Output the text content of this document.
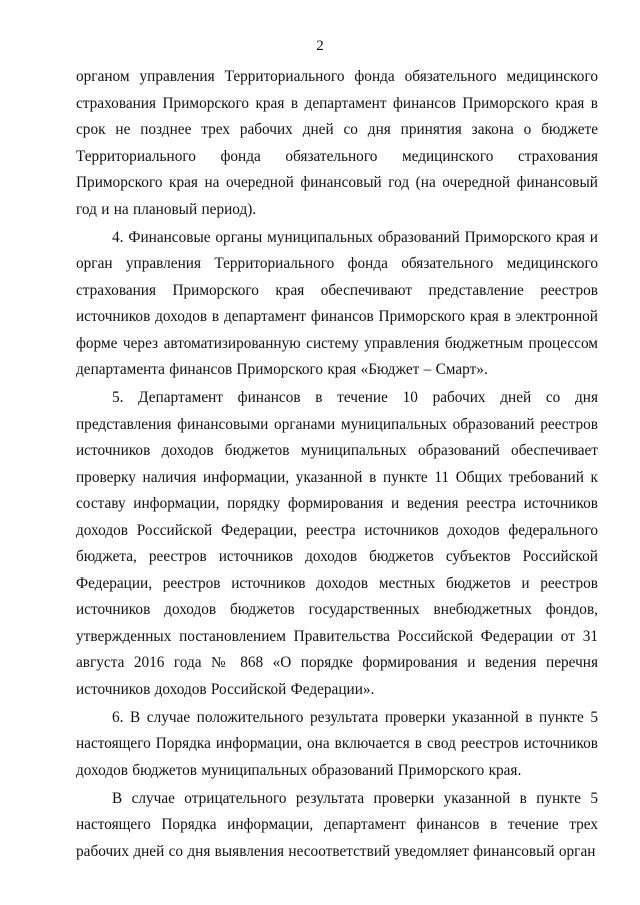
2

органом управления Территориального фонда обязательного медицинского страхования Приморского края в департамент финансов Приморского края в срок не позднее трех рабочих дней со дня принятия закона о бюджете Территориального фонда обязательного медицинского страхования Приморского края на очередной финансовый год (на очередной финансовый год и на плановый период).

4. Финансовые органы муниципальных образований Приморского края и орган управления Территориального фонда обязательного медицинского страхования Приморского края обеспечивают представление реестров источников доходов в департамент финансов Приморского края в электронной форме через автоматизированную систему управления бюджетным процессом департамента финансов Приморского края «Бюджет – Смарт».

5. Департамент финансов в течение 10 рабочих дней со дня представления финансовыми органами муниципальных образований реестров источников доходов бюджетов муниципальных образований обеспечивает проверку наличия информации, указанной в пункте 11 Общих требований к составу информации, порядку формирования и ведения реестра источников доходов Российской Федерации, реестра источников доходов федерального бюджета, реестров источников доходов бюджетов субъектов Российской Федерации, реестров источников доходов местных бюджетов и реестров источников доходов бюджетов государственных внебюджетных фондов, утвержденных постановлением Правительства Российской Федерации от 31 августа 2016 года № 868 «О порядке формирования и ведения перечня источников доходов Российской Федерации».

6. В случае положительного результата проверки указанной в пункте 5 настоящего Порядка информации, она включается в свод реестров источников доходов бюджетов муниципальных образований Приморского края.

В случае отрицательного результата проверки указанной в пункте 5 настоящего Порядка информации, департамент финансов в течение трех рабочих дней со дня выявления несоответствий уведомляет финансовый орган
